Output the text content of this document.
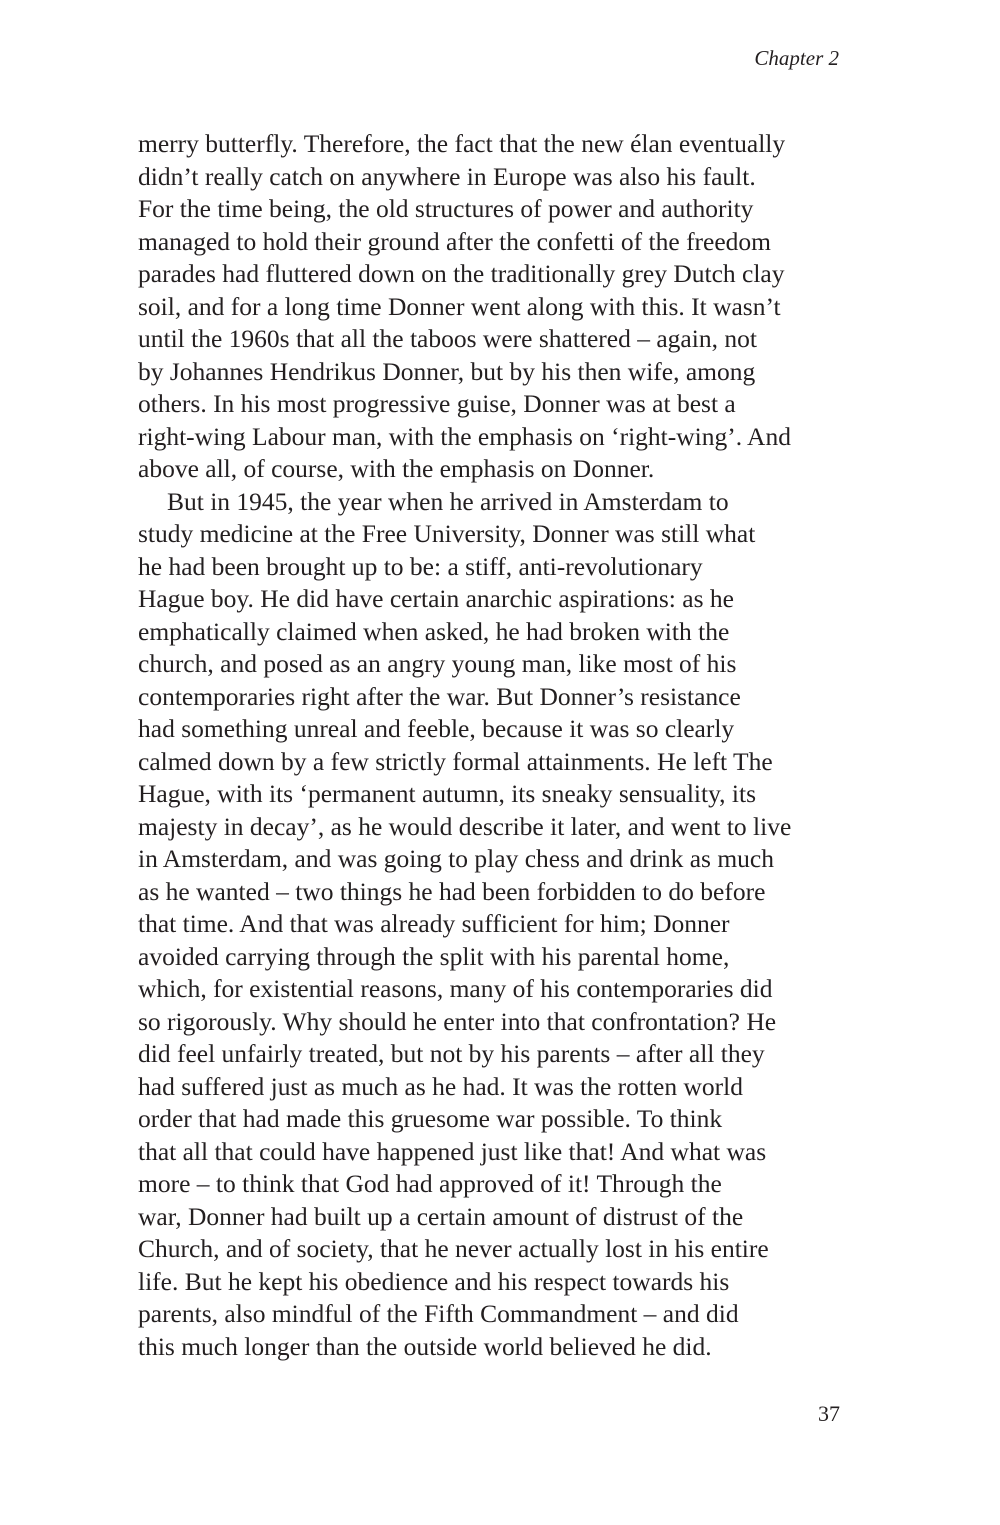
Chapter 2
merry butterfly. Therefore, the fact that the new élan eventually
didn’t really catch on anywhere in Europe was also his fault.
For the time being, the old structures of power and authority
managed to hold their ground after the confetti of the freedom
parades had fluttered down on the traditionally grey Dutch clay
soil, and for a long time Donner went along with this. It wasn’t
until the 1960s that all the taboos were shattered – again, not
by Johannes Hendrikus Donner, but by his then wife, among
others. In his most progressive guise, Donner was at best a
right-wing Labour man, with the emphasis on ‘right-wing’. And
above all, of course, with the emphasis on Donner.
But in 1945, the year when he arrived in Amsterdam to
study medicine at the Free University, Donner was still what
he had been brought up to be: a stiff, anti-revolutionary
Hague boy. He did have certain anarchic aspirations: as he
emphatically claimed when asked, he had broken with the
church, and posed as an angry young man, like most of his
contemporaries right after the war. But Donner’s resistance
had something unreal and feeble, because it was so clearly
calmed down by a few strictly formal attainments. He left The
Hague, with its ‘permanent autumn, its sneaky sensuality, its
majesty in decay’, as he would describe it later, and went to live
in Amsterdam, and was going to play chess and drink as much
as he wanted – two things he had been forbidden to do before
that time. And that was already sufficient for him; Donner
avoided carrying through the split with his parental home,
which, for existential reasons, many of his contemporaries did
so rigorously. Why should he enter into that confrontation? He
did feel unfairly treated, but not by his parents – after all they
had suffered just as much as he had. It was the rotten world
order that had made this gruesome war possible. To think
that all that could have happened just like that! And what was
more – to think that God had approved of it! Through the
war, Donner had built up a certain amount of distrust of the
Church, and of society, that he never actually lost in his entire
life. But he kept his obedience and his respect towards his
parents, also mindful of the Fifth Commandment – and did
this much longer than the outside world believed he did.
37
